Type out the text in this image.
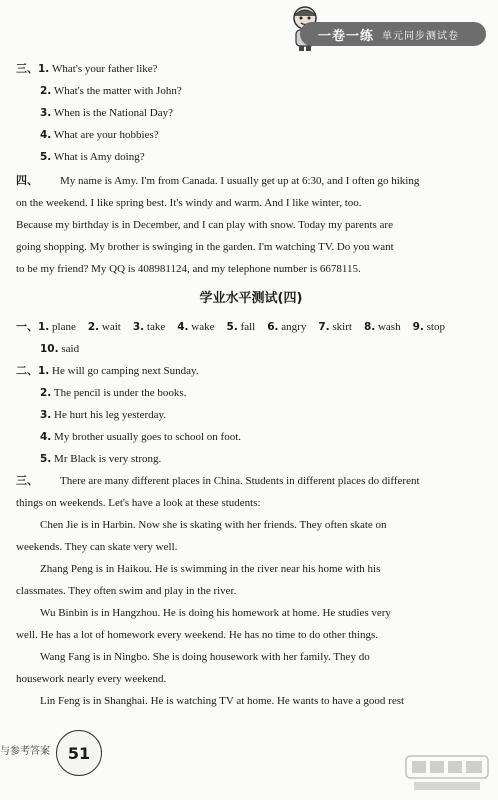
一卷一练 单元同步测试卷
三、1. What's your father like?
2. What's the matter with John?
3. When is the National Day?
4. What are your hobbies?
5. What is Amy doing?
四、 My name is Amy. I'm from Canada. I usually get up at 6:30, and I often go hiking
on the weekend. I like spring best. It's windy and warm. And I like winter, too.
Because my birthday is in December, and I can play with snow. Today my parents are
going shopping. My brother is swinging in the garden. I'm watching TV. Do you want
to be my friend? My QQ is 408981124, and my telephone number is 6678115.
学业水平测试(四)
一、1. plane 2. wait 3. take 4. wake 5. fall 6. angry 7. skirt 8. wash 9. stop
10. said
二、1. He will go camping next Sunday.
2. The pencil is under the books.
3. He hurt his leg yesterday.
4. My brother usually goes to school on foot.
5. Mr Black is very strong.
三、 There are many different places in China. Students in different places do different
things on weekends. Let's have a look at these students:
Chen Jie is in Harbin. Now she is skating with her friends. They often skate on
weekends. They can skate very well.
Zhang Peng is in Haikou. He is swimming in the river near his home with his
classmates. They often swim and play in the river.
Wu Binbin is in Hangzhou. He is doing his homework at home. He studies very
well. He has a lot of homework every weekend. He has no time to do other things.
Wang Fang is in Ningbo. She is doing housework with her family. They do
housework nearly every weekend.
Lin Feng is in Shanghai. He is watching TV at home. He wants to have a good rest
与参考答案	51
